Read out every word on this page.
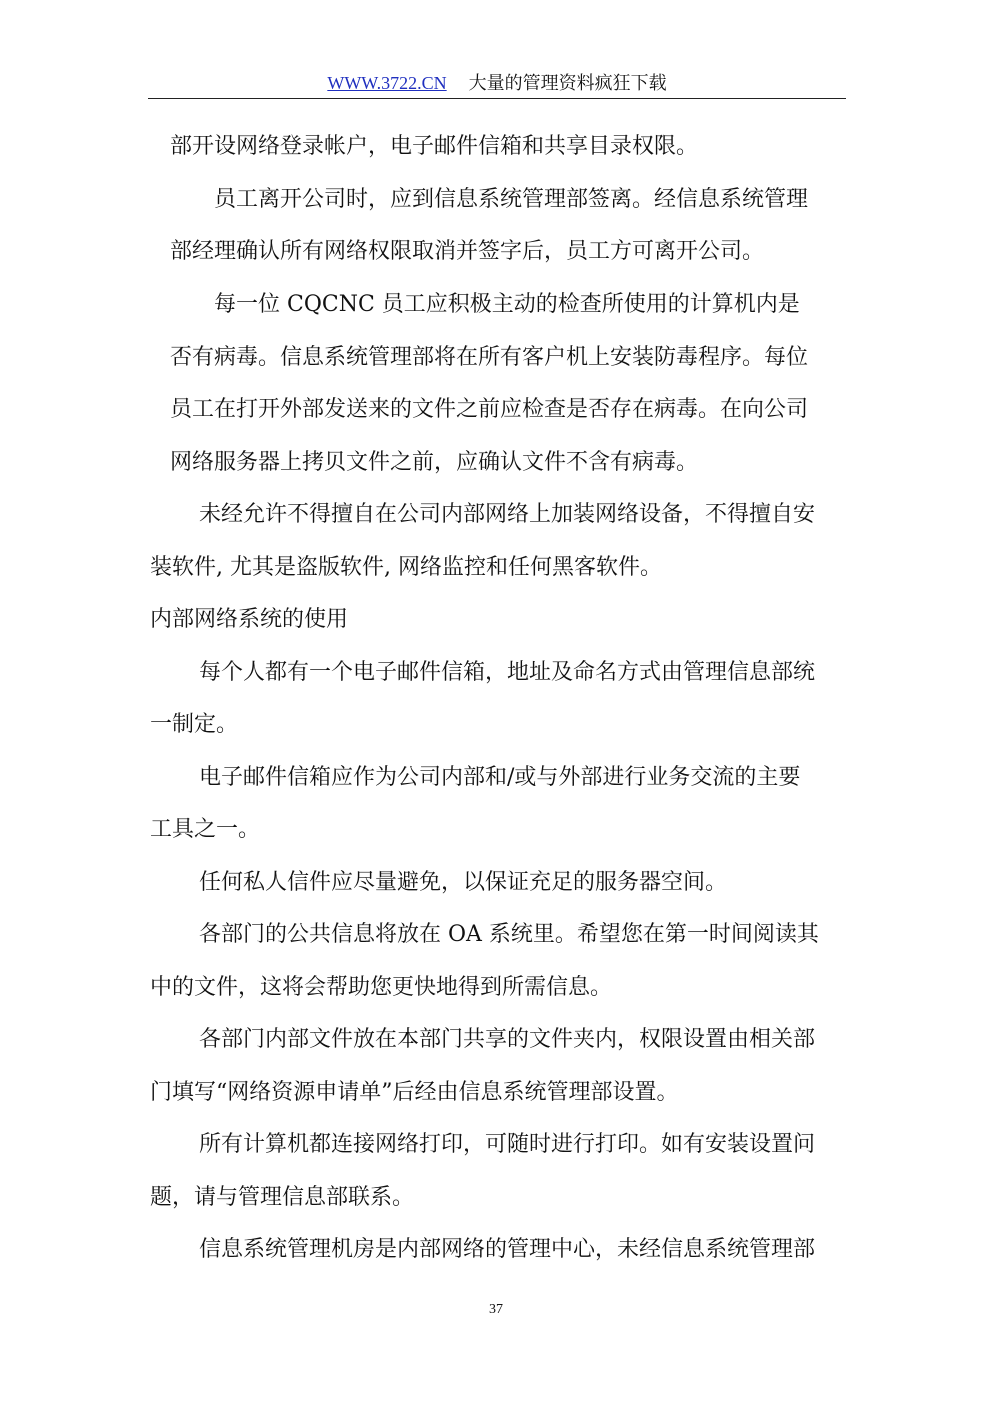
WWW.3722.CN 大量的管理资料疯狂下载
部开设网络登录帐户，电子邮件信箱和共享目录权限。
员工离开公司时，应到信息系统管理部签离。经信息系统管理
部经理确认所有网络权限取消并签字后，员工方可离开公司。
每一位 CQCNC 员工应积极主动的检查所使用的计算机内是
否有病毒。信息系统管理部将在所有客户机上安装防毒程序。每位
员工在打开外部发送来的文件之前应检查是否存在病毒。在向公司
网络服务器上拷贝文件之前，应确认文件不含有病毒。
未经允许不得擅自在公司内部网络上加装网络设备，不得擅自安
装软件, 尤其是盗版软件, 网络监控和任何黑客软件。
内部网络系统的使用
每个人都有一个电子邮件信箱，地址及命名方式由管理信息部统
一制定。
电子邮件信箱应作为公司内部和/或与外部进行业务交流的主要
工具之一。
任何私人信件应尽量避免，以保证充足的服务器空间。
各部门的公共信息将放在 OA 系统里。希望您在第一时间阅读其
中的文件，这将会帮助您更快地得到所需信息。
各部门内部文件放在本部门共享的文件夹内，权限设置由相关部
门填写“网络资源申请单”后经由信息系统管理部设置。
所有计算机都连接网络打印，可随时进行打印。如有安装设置问
题，请与管理信息部联系。
信息系统管理机房是内部网络的管理中心，未经信息系统管理部
37
